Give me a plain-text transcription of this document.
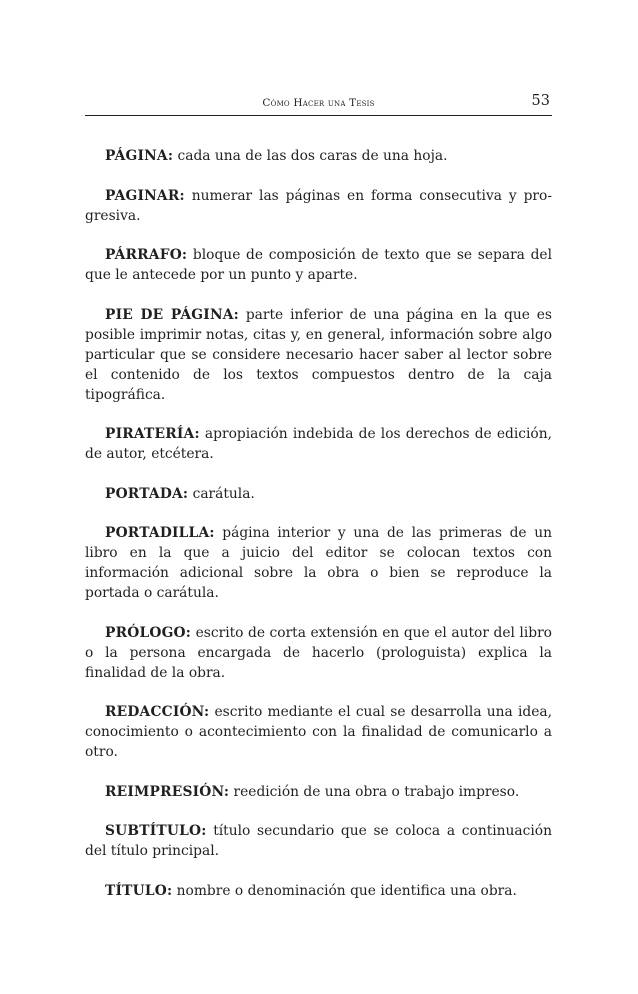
Cómo Hacer una Tesis	53
PÁGINA: cada una de las dos caras de una hoja.
PAGINAR: numerar las páginas en forma consecutiva y pro-gresiva.
PÁRRAFO: bloque de composición de texto que se separa del que le antecede por un punto y aparte.
PIE DE PÁGINA: parte inferior de una página en la que es posible imprimir notas, citas y, en general, información sobre algo particular que se considere necesario hacer saber al lector sobre el contenido de los textos compuestos dentro de la caja tipográfica.
PIRATERÍA: apropiación indebida de los derechos de edición, de autor, etcétera.
PORTADA: carátula.
PORTADILLA: página interior y una de las primeras de un libro en la que a juicio del editor se colocan textos con información adicional sobre la obra o bien se reproduce la portada o carátula.
PRÓLOGO: escrito de corta extensión en que el autor del libro o la persona encargada de hacerlo (prologuista) explica la finalidad de la obra.
REDACCIÓN: escrito mediante el cual se desarrolla una idea, conocimiento o acontecimiento con la finalidad de comunicarlo a otro.
REIMPRESIÓN: reedición de una obra o trabajo impreso.
SUBTÍTULO: título secundario que se coloca a continuación del título principal.
TÍTULO: nombre o denominación que identifica una obra.
